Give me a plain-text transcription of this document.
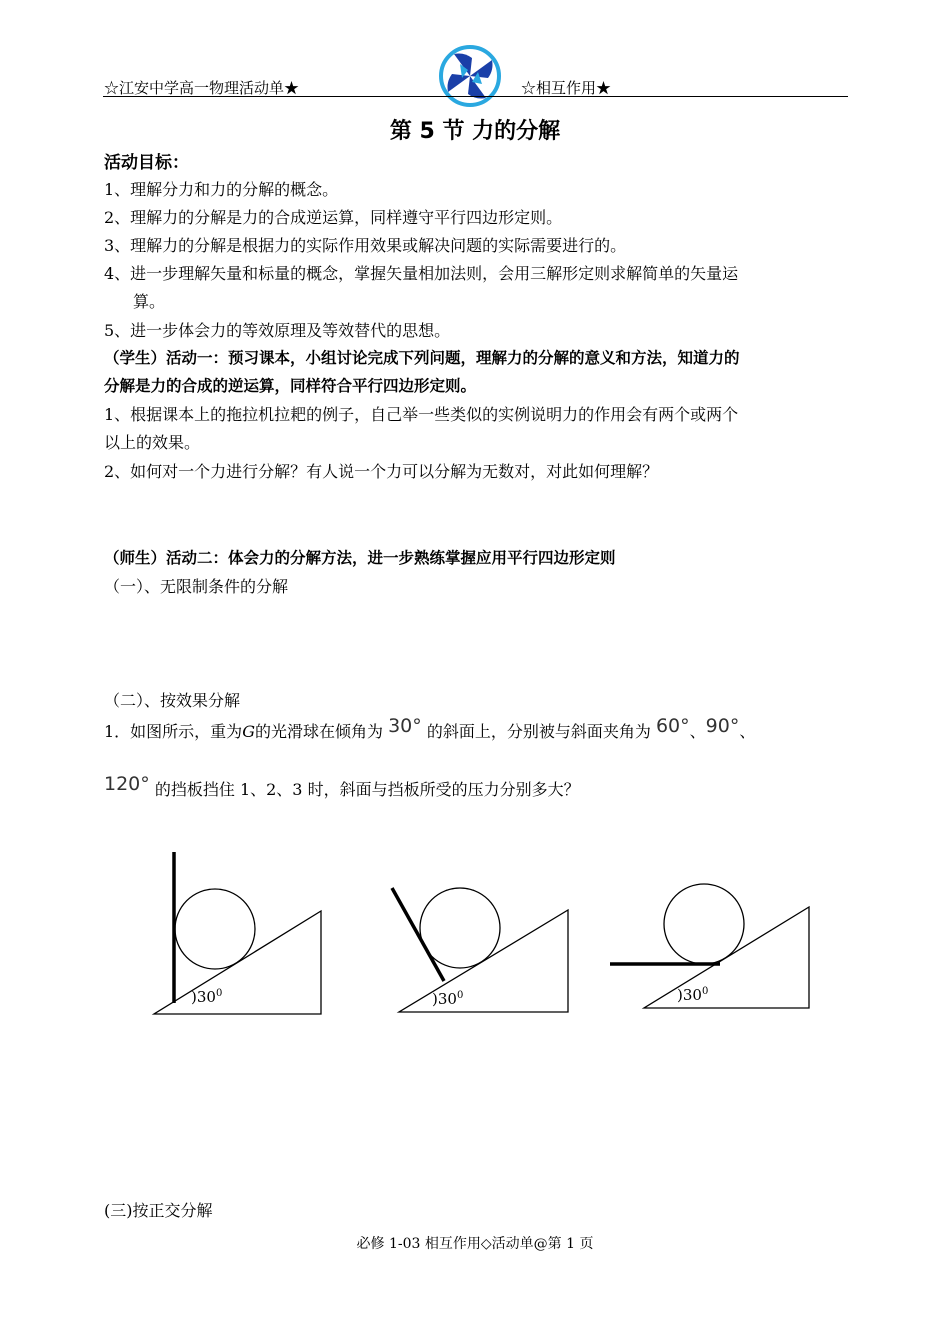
☆江安中学高一物理活动单★	☆相互作用★
第 5 节 力的分解
活动目标：
1、理解分力和力的分解的概念。
2、理解力的分解是力的合成逆运算，同样遵守平行四边形定则。
3、理解力的分解是根据力的实际作用效果或解决问题的实际需要进行的。
4、进一步理解矢量和标量的概念，掌握矢量相加法则，会用三解形定则求解简单的矢量运
算。
5、进一步体会力的等效原理及等效替代的思想。
（学生）活动一：预习课本，小组讨论完成下列问题，理解力的分解的意义和方法，知道力的
分解是力的合成的逆运算，同样符合平行四边形定则。
1、根据课本上的拖拉机拉耙的例子，自己举一些类似的实例说明力的作用会有两个或两个
以上的效果。
2、如何对一个力进行分解？有人说一个力可以分解为无数对，对此如何理解？
（师生）活动二：体会力的分解方法，进一步熟练掌握应用平行四边形定则
（一）、无限制条件的分解
（二）、按效果分解
1．如图所示，重为G的光滑球在倾角为 30° 的斜面上，分别被与斜面夹角为 60°、90°、
120° 的挡板挡住 1、2、3 时，斜面与挡板所受的压力分别多大？
)$30^0$	)$30^0$	)$30^0$
(三)按正交分解
必修 1-03 相互作用◇活动单@第 1 页
